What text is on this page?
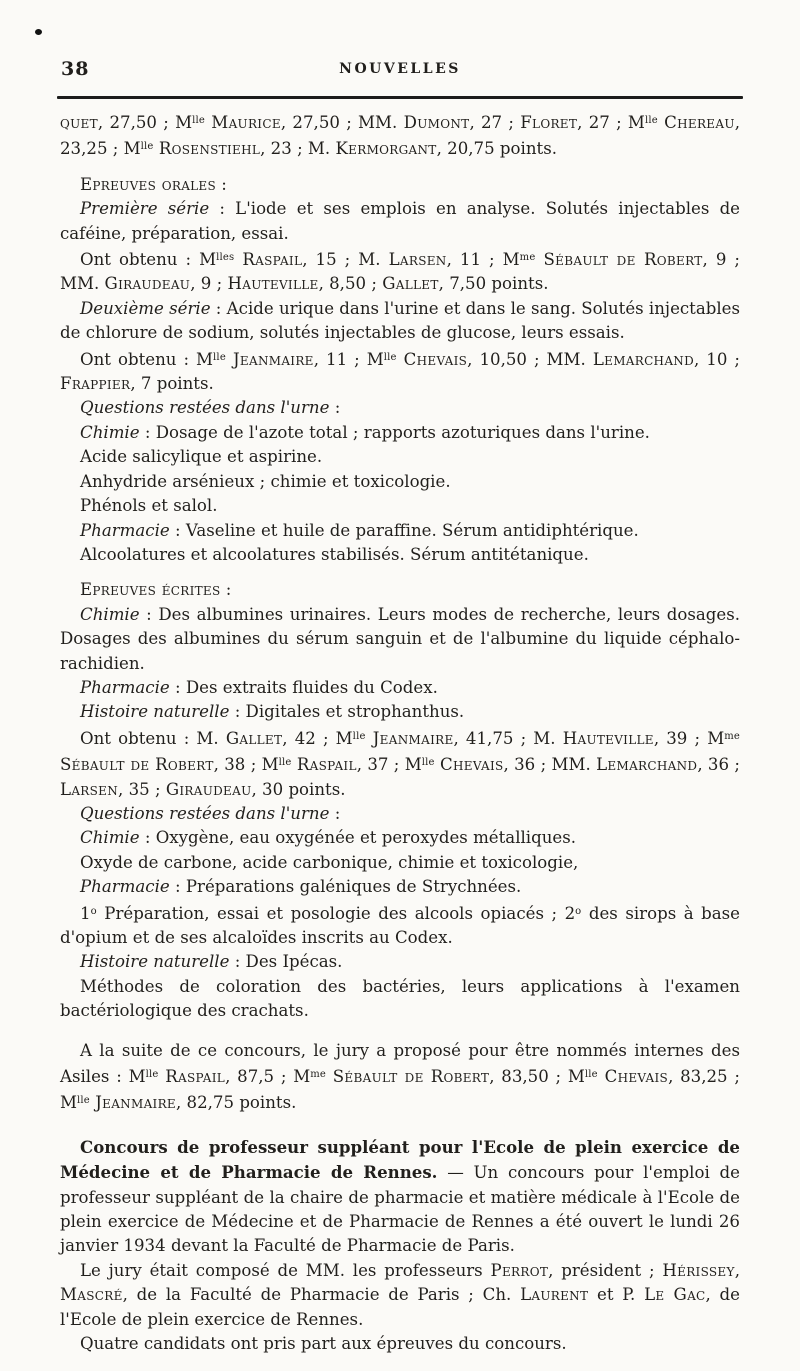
38	NOUVELLES

quet, 27,50 ; $M^{lle}$ Maurice, 27,50 ; MM. Dumont, 27 ; Floret, 27 ; $M^{lle}$ Chereau, 23,25 ; $M^{lle}$ Rosenstiehl, 23 ; M. Kermorgant, 20,75 points.

Epreuves orales :

Première série : L'iode et ses emplois en analyse. Solutés injectables de caféine, préparation, essai.

Ont obtenu : $M^{lles}$ Raspail, 15 ; M. Larsen, 11 ; $M^{me}$ Sébault de Robert, 9 ; MM. Giraudeau, 9 ; Hauteville, 8,50 ; Gallet, 7,50 points.

Deuxième série : Acide urique dans l'urine et dans le sang. Solutés injectables de chlorure de sodium, solutés injectables de glucose, leurs essais.

Ont obtenu : $M^{lle}$ Jeanmaire, 11 ; $M^{lle}$ Chevais, 10,50 ; MM. Lemarchand, 10 ; Frappier, 7 points.

Questions restées dans l'urne :

Chimie : Dosage de l'azote total ; rapports azoturiques dans l'urine.

Acide salicylique et aspirine.

Anhydride arsénieux ; chimie et toxicologie.

Phénols et salol.

Pharmacie : Vaseline et huile de paraffine. Sérum antidiphtérique.

Alcoolatures et alcoolatures stabilisés. Sérum antitétanique.

Epreuves écrites :

Chimie : Des albumines urinaires. Leurs modes de recherche, leurs dosages. Dosages des albumines du sérum sanguin et de l'albumine du liquide céphalo-rachidien.

Pharmacie : Des extraits fluides du Codex.

Histoire naturelle : Digitales et strophanthus.

Ont obtenu : M. Gallet, 42 ; $M^{lle}$ Jeanmaire, 41,75 ; M. Hauteville, 39 ; $M^{me}$ Sébault de Robert, 38 ; $M^{lle}$ Raspail, 37 ; $M^{lle}$ Chevais, 36 ; MM. Lemarchand, 36 ; Larsen, 35 ; Giraudeau, 30 points.

Questions restées dans l'urne :

Chimie : Oxygène, eau oxygénée et peroxydes métalliques.

Oxyde de carbone, acide carbonique, chimie et toxicologie,

Pharmacie : Préparations galéniques de Strychnées.

1$^o$ Préparation, essai et posologie des alcools opiacés ; 2$^o$ des sirops à base d'opium et de ses alcaloïdes inscrits au Codex.

Histoire naturelle : Des Ipécas.

Méthodes de coloration des bactéries, leurs applications à l'examen bactériologique des crachats.

A la suite de ce concours, le jury a proposé pour être nommés internes des Asiles : $M^{lle}$ Raspail, 87,5 ; $M^{me}$ Sébault de Robert, 83,50 ; $M^{lle}$ Chevais, 83,25 ; $M^{lle}$ Jeanmaire, 82,75 points.

Concours de professeur suppléant pour l'Ecole de plein exercice de Médecine et de Pharmacie de Rennes. — Un concours pour l'emploi de professeur suppléant de la chaire de pharmacie et matière médicale à l'Ecole de plein exercice de Médecine et de Pharmacie de Rennes a été ouvert le lundi 26 janvier 1934 devant la Faculté de Pharmacie de Paris.

Le jury était composé de MM. les professeurs Perrot, président ; Hérissey, Mascré, de la Faculté de Pharmacie de Paris ; Ch. Laurent et P. Le Gac, de l'Ecole de plein exercice de Rennes.

Quatre candidats ont pris part aux épreuves du concours.
